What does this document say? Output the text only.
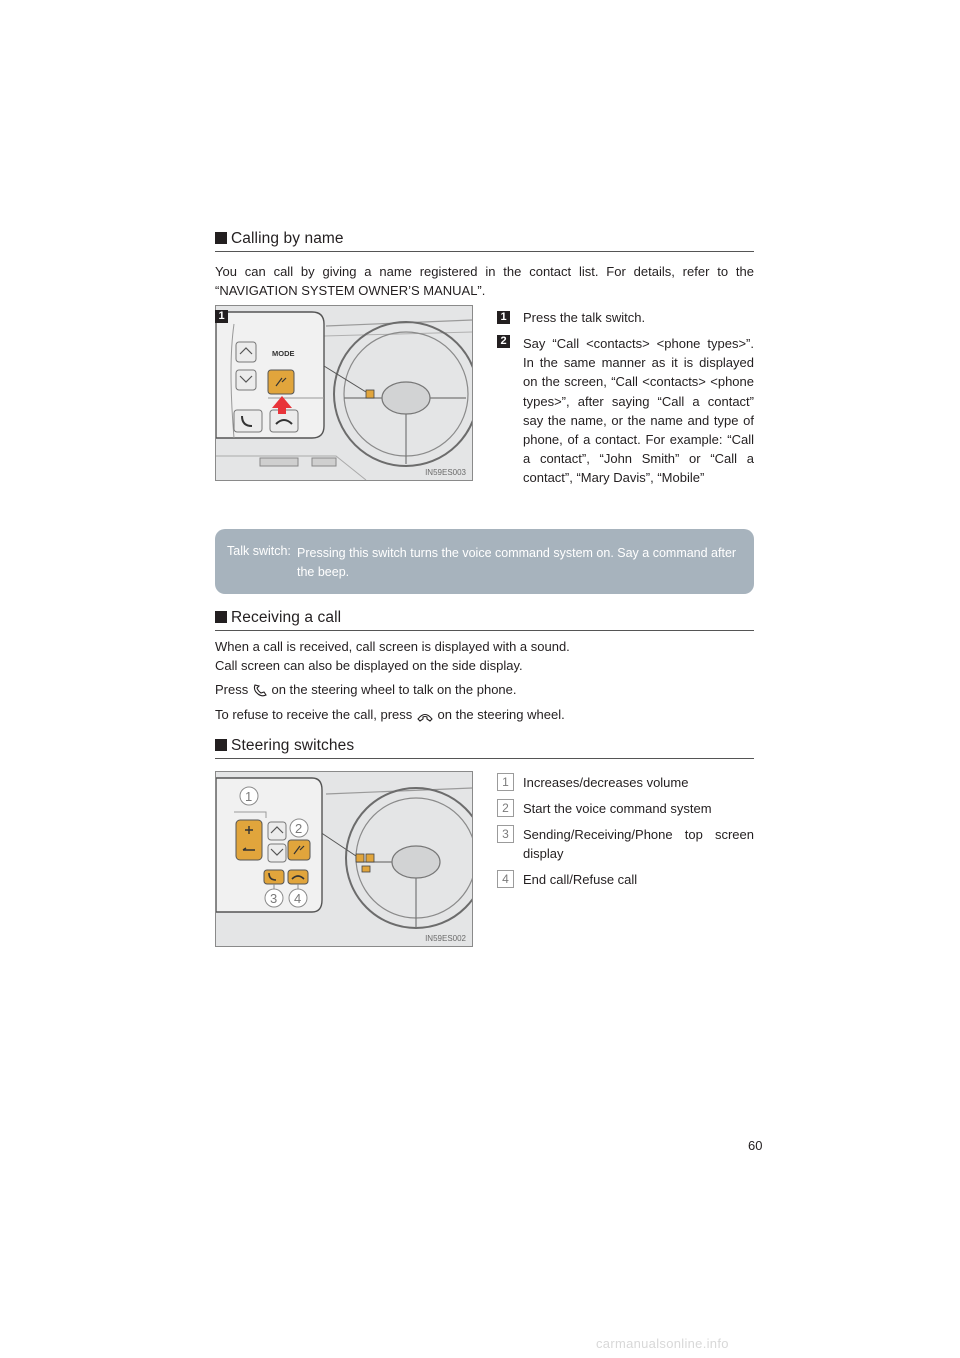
Calling by name
You can call by giving a name registered in the contact list. For details, refer to the “NAVIGATION SYSTEM OWNER’S MANUAL”.
MODE
IN59ES003
1	1 Press the talk switch.
2 Say “Call <contacts> <phone types>”. In the same manner as it is displayed on the screen, “Call <contacts> <phone types>”, after saying “Call a contact” say the name, or the name and type of phone, of a contact. For example: “Call a contact”, “John Smith” or “Call a contact”, “Mary Davis”, “Mobile”
Talk switch: Pressing this switch turns the voice command system on. Say a command after the beep.
Receiving a call
When a call is received, call screen is displayed with a sound.
Call screen can also be displayed on the side display.
Press on the steering wheel to talk on the phone.
To refuse to receive the call, press on the steering wheel.
Steering switches
1
2
3 4
IN59ES002
1	Increases/decreases volume
2	Start the voice command system
3	Sending/Receiving/Phone top screen display
4	End call/Refuse call
60
carmanualsonline.info
